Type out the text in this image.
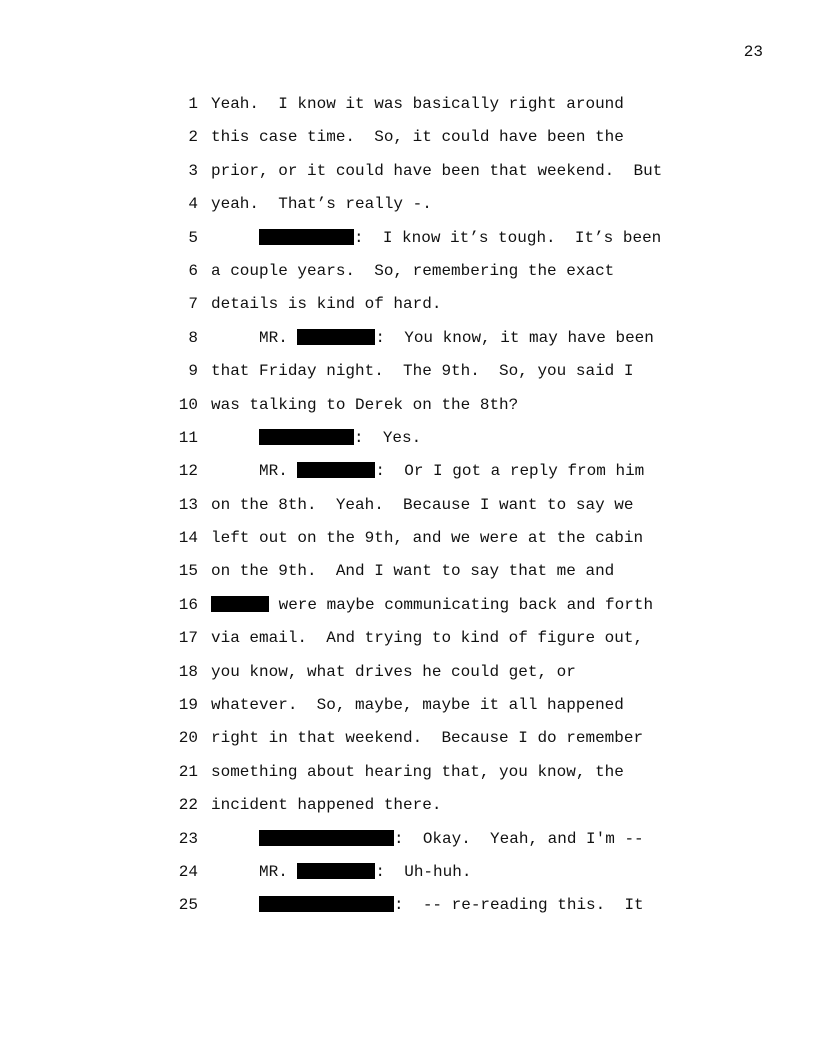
23
1 Yeah.  I know it was basically right around
2 this case time.  So, it could have been the
3 prior, or it could have been that weekend.  But
4 yeah.  That’s really -.
5	:  I know it’s tough.  It’s been
6 a couple years.  So, remembering the exact
7 details is kind of hard.
8 MR.	:  You know, it may have been
9 that Friday night.  The 9th.  So, you said I
10 was talking to Derek on the 8th?
11	:  Yes.
12 MR.	:  Or I got a reply from him
13 on the 8th.  Yeah.  Because I want to say we
14 left out on the 9th, and we were at the cabin
15 on the 9th.  And I want to say that me and
16	were maybe communicating back and forth
17 via email.  And trying to kind of figure out,
18 you know, what drives he could get, or
19 whatever.  So, maybe, maybe it all happened
20 right in that weekend.  Because I do remember
21 something about hearing that, you know, the
22 incident happened there.
23	:  Okay.  Yeah, and I'm --
24 MR.	:  Uh-huh.
25	:  -- re-reading this.  It
